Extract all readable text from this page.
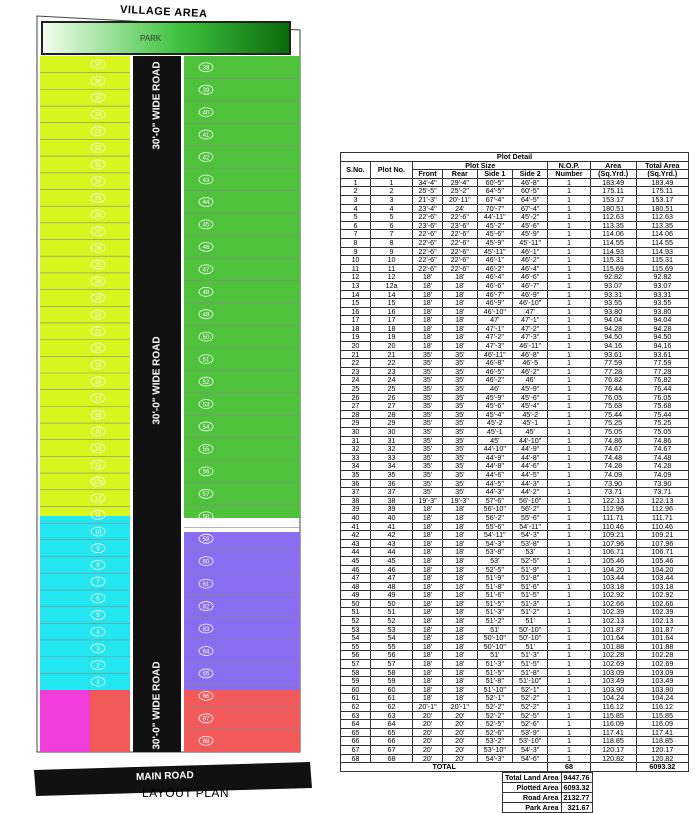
37
36
35
34
33
32
31
30
29
28
27
26
25
24
23
22
21
20
19
18
17
16
15
14
13
12a
12
11
10
9
8
7
6
5
4
3
2
1
38
39
40
41
42
43
44
45
46
47
48
49
50
51
52
53
54
55
56
57
58
59
60
61
62
63
64
65
66
67
68
VILLAGE AREA
PARK
30'-0" WIDE ROAD
30'-0" WIDE ROAD
30'-0" WIDE ROAD
MAIN ROAD
LAYOUT PLAN
Plot Detail								
S.No.	Plot No.	Plot Size				N.O.P.	Area	Total Area
		Front	Rear	Side 1	Side 2	Number	(Sq.Yrd.)	(Sq.Yrd.)
1	1	34'-4"	29'-4"	60'-5"	46'-8"	1	183.49	183.49
2	2	25'-5"	25'-2"	64'-5"	60'-5"	1	175.11	175.11
3	3	21'-3"	20'-11"	67'-4"	64'-5"	1	153.17	153.17
4	4	23'-4"	24'	70'-7"	67'-4"	1	180.51	180.51
5	5	22'-6"	22'-6"	44'-11"	45'-2"	1	112.63	112.63
6	6	23'-6"	23'-6"	45'-2"	45'-6"	1	113.35	113.35
7	7	22'-6"	22'-6"	45'-6"	45'-9"	1	114.06	114.06
8	8	22'-6"	22'-6"	45'-9"	45'-11"	1	114.55	114.55
9	9	22'-6"	22'-6"	45'-11"	46'-1"	1	114.93	114.93
10	10	22'-6"	22'-6"	46'-1"	46'-2"	1	115.31	115.31
11	11	22'-6"	22'-6"	46'-2"	46'-4"	1	115.69	115.69
12	12	18'	18'	46'-4"	46'-6"	1	92.82	92.82
13	12a	18'	18'	46'-6"	46'-7"	1	93.07	93.07
14	14	18'	18'	46'-7"	46'-9"	1	93.31	93.31
15	15	18'	18'	46'-9"	46'-10"	1	93.55	93.55
16	16	18'	18'	46'-10"	47'	1	93.80	93.80
17	17	18'	18'	47'	47'-1"	1	94.04	94.04
18	18	18'	18'	47'-1"	47'-2"	1	94.28	94.28
19	19	18'	18'	47'-2"	47'-3"	1	94.50	94.50
20	20	18'	18'	47'-3"	46'-11"	1	94.16	94.16
21	21	35'	35'	46'-11"	46'-8"	1	93.61	93.61
22	22	35'	35'	46'-8"	46'-5	1	77.59	77.59
23	23	35'	35'	46'-5"	46'-2"	1	77.28	77.28
24	24	35'	35'	46'-2"	46'	1	76.82	76.82
25	25	35'	35'	46'	45'-9"	1	76.44	76.44
26	26	35'	35'	45'-9"	45'-6"	1	76.05	76.05
27	27	35'	35'	45'-6"	45'-4"	1	75.68	75.68
28	28	35'	35'	45'-4"	45'-2	1	75.44	75.44
29	29	35'	35'	45'-2	45'-1	1	75.25	75.25
30	30	35'	35'	45'-1	45'	1	75.05	75.05
31	31	35'	35'	45'	44'-10"	1	74.86	74.86
32	32	35'	35'	44'-10"	44'-9"	1	74.67	74.67
33	33	35'	35'	44'-9"	44'-8"	1	74.48	74.48
34	34	35'	35'	44'-8"	44'-6"	1	74.28	74.28
35	35	35'	35'	44'-6"	44'-5"	1	74.09	74.09
36	36	35'	35'	44'-5"	44'-3"	1	73.90	73.90
37	37	35'	35'	44'-3"	44'-2"	1	73.71	73.71
38	38	19'-3"	19'-3"	57'-6"	56'-10"	1	122.13	122.13
39	39	18'	18'	56'-10"	56'-2"	1	112.96	112.96
40	40	18'	18'	56'-2"	55'-6"	1	111.71	111.71
41	41	18'	18'	55'-6"	54'-11"	1	110.46	110.46
42	42	18'	18'	54'-11"	54'-3"	1	109.21	109.21
43	43	18'	18'	54'-3"	53'-8"	1	107.96	107.96
44	44	18'	18'	53'-8"	53'	1	106.71	106.71
45	45	18'	18'	53'	52'-5"	1	105.46	105.46
46	46	18'	18'	52'-5"	51'-9"	1	104.20	104.20
47	47	18'	18'	51'-9"	51'-8"	1	103.44	103.44
48	48	18'	18'	51'-8"	51'-6"	1	103.18	103.18
49	49	18'	18'	51'-6"	51'-5"	1	102.92	102.92
50	50	18'	18'	51'-5"	51'-3"	1	102.66	102.66
51	51	18'	18'	51'-3"	51'-2"	1	102.39	102.39
52	52	18'	18'	51'-2"	51'	1	102.13	102.13
53	53	18'	18'	51'	50'-10"	1	101.87	101.87
54	54	18'	18'	50'-10"	50'-10"	1	101.64	101.64
55	55	18'	18'	50'-10"	51'	1	101.88	101.88
56	56	18'	18'	51'	51'-3"	1	102.28	102.28
57	57	18'	18'	51'-3"	51'-5"	1	102.69	102.69
58	58	18'	18'	51'-5"	51'-8"	1	103.09	103.09
59	59	18'	18'	51'-8"	51'-10"	1	103.49	103.49
60	60	18'	18'	51'-10"	52'-1"	1	103.90	103.90
61	61	18'	18'	52'-1"	52'-2"	1	104.24	104.24
62	62	20'-1"	20'-1"	52'-2"	52'-2"	1	116.12	116.12
63	63	20'	20'	52'-2"	52'-5"	1	115.85	115.85
64	64	20'	20'	52'-5"	52'-6"	1	116.09	116.09
65	65	20'	20'	52'-6"	53'-9"	1	117.41	117.41
66	66	20'	20'	53'-2"	53'-10"	1	118.85	118.85
67	67	20'	20'	53'-10"	54'-3"	1	120.17	120.17
68	68	20'	20'	54'-3"	54'-6"	1	120.82	120.82
TOTAL						68		6093.32
Total Land Area	9447.76
Plotted Area	6093.32
Road Area	2132.77
Park Area	321.67
